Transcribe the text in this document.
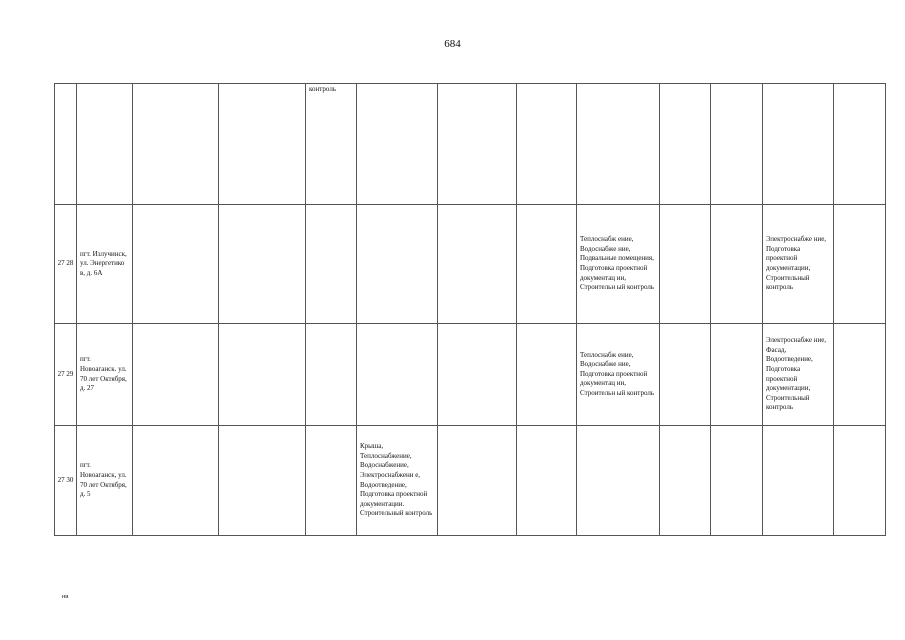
684
				контроль								
27 28	пгт. Излучинск, ул. Энергетико в, д. 6А							Теплоснабж ение, Водоснабже ние, Подвальные помещения, Подготовка проектной документац ии, Строительн ый контроль			Электроснабже ние, Подготовка проектной документации, Строительный контроль	
27 29	пгт. Новоаганск. ул. 70 лет Октября, д. 27							Теплоснабж ение, Водоснабже ние, Подготовка проектной документац ии, Строительн ый контроль			Электроснабже ние, Фасад, Водоотведение, Подготовка проектной документации, Строительный контроль	
27 30	пгт. Новоаганск, ул. 70 лет Октября, д. 5				Крыша, Теплоснабжение, Водоснабжение, Электроснабжени е, Водоотведение, Подготовка проектной документации. Строительный контроль							
ни
